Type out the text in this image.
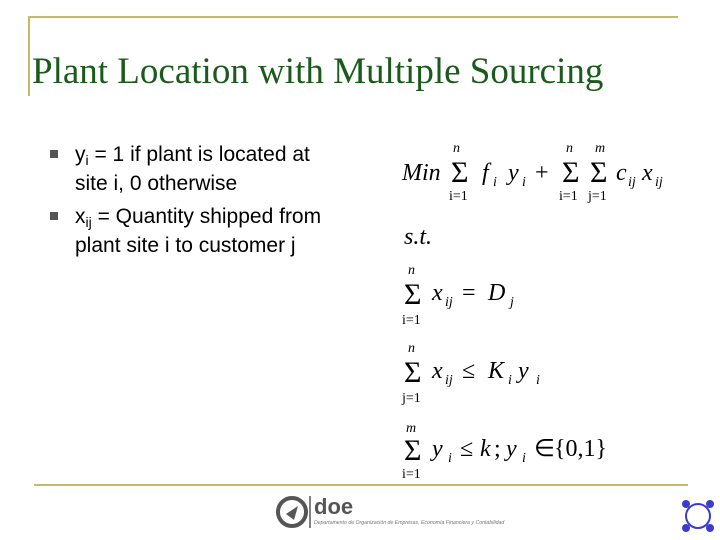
Plant Location with Multiple Sourcing
$y_i = 1$ if plant is located at site i, 0 otherwise
$x_{ij}$ = Quantity shipped from plant site i to customer j
Min
n
Σ
i=1
f i y i +
n
Σ
i=1
m
Σ
j=1
c ij x ij
s.t.
n
Σ
i=1
x ij = D j
n
Σ
j=1
x ij ≤ K i y i
m
Σ
i=1
y i ≤ k ; y i ∈ {0,1}
doe
Departamento de Organización de Empresas, Economía Financiera y Contabilidad
